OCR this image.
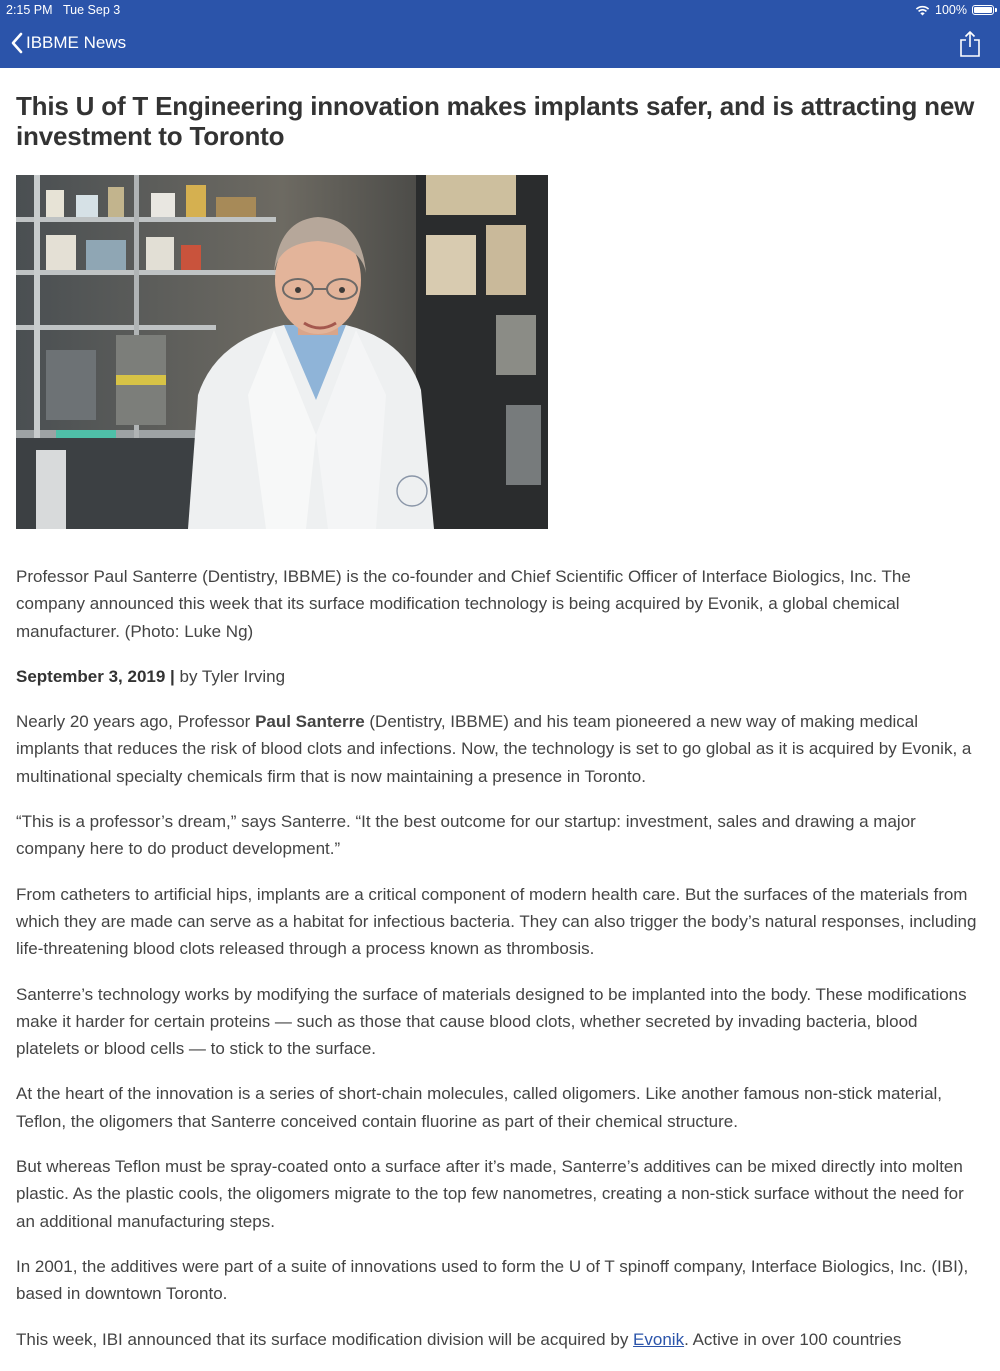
2:15 PM Tue Sep 3	100%
IBBME News
This U of T Engineering innovation makes implants safer, and is attracting new investment to Toronto

Professor Paul Santerre (Dentistry, IBBME) is the co-founder and Chief Scientific Officer of Interface Biologics, Inc. The company announced this week that its surface modification technology is being acquired by Evonik, a global chemical manufacturer. (Photo: Luke Ng)

September 3, 2019 | by Tyler Irving

Nearly 20 years ago, Professor Paul Santerre (Dentistry, IBBME) and his team pioneered a new way of making medical implants that reduces the risk of blood clots and infections. Now, the technology is set to go global as it is acquired by Evonik, a multinational specialty chemicals firm that is now maintaining a presence in Toronto.

“This is a professor’s dream,” says Santerre. “It the best outcome for our startup: investment, sales and drawing a major company here to do product development.”

From catheters to artificial hips, implants are a critical component of modern health care. But the surfaces of the materials from which they are made can serve as a habitat for infectious bacteria. They can also trigger the body’s natural responses, including life-threatening blood clots released through a process known as thrombosis.

Santerre’s technology works by modifying the surface of materials designed to be implanted into the body. These modifications make it harder for certain proteins — such as those that cause blood clots, whether secreted by invading bacteria, blood platelets or blood cells — to stick to the surface.

At the heart of the innovation is a series of short-chain molecules, called oligomers. Like another famous non-stick material, Teflon, the oligomers that Santerre conceived contain fluorine as part of their chemical structure.

But whereas Teflon must be spray-coated onto a surface after it’s made, Santerre’s additives can be mixed directly into molten plastic. As the plastic cools, the oligomers migrate to the top few nanometres, creating a non-stick surface without the need for an additional manufacturing steps.

In 2001, the additives were part of a suite of innovations used to form the U of T spinoff company, Interface Biologics, Inc. (IBI), based in downtown Toronto.

This week, IBI announced that its surface modification division will be acquired by Evonik. Active in over 100 countries
